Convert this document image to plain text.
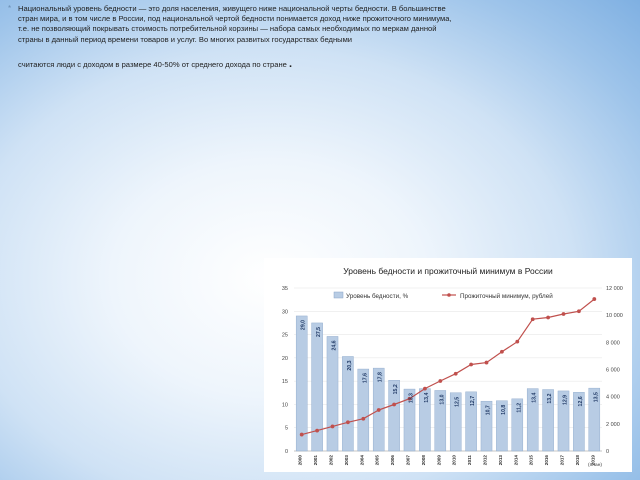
* Национальный уровень бедности — это доля населения, живущего ниже национальной черты бедности. В большинстве стран мира, и в том числе в России, под национальной чертой бедности понимается доход ниже прожиточного минимума, т.е. не позволяющий покрывать стоимость потребительной корзины — набора самых необходимых по меркам данной страны в данный период времени товаров и услуг. Во многих развитых государствах бедными

считаются люди с доходом в размере 40-50% от среднего дохода по стране .

Уровень бедности и прожиточный минимум в России
0
5
10
15
20
25
30
35
0
2 000
4 000
6 000
8 000
10 000
12 000
2000 2001 2002 2003 2004 2005 2006 2007 2008 2009 2010 2011 2012 2013 2014 2015 2016 2017 2018 2019
29,0
27,5
24,6
20,3
17,6 17,8
15,2
13,3 13,4 13,0 12,5 12,7
10,7 10,8 11,2
13,4 13,2 12,9 12,6 13,5
Уровень бедности, %	Прожиточный минимум, рублей
(план)
